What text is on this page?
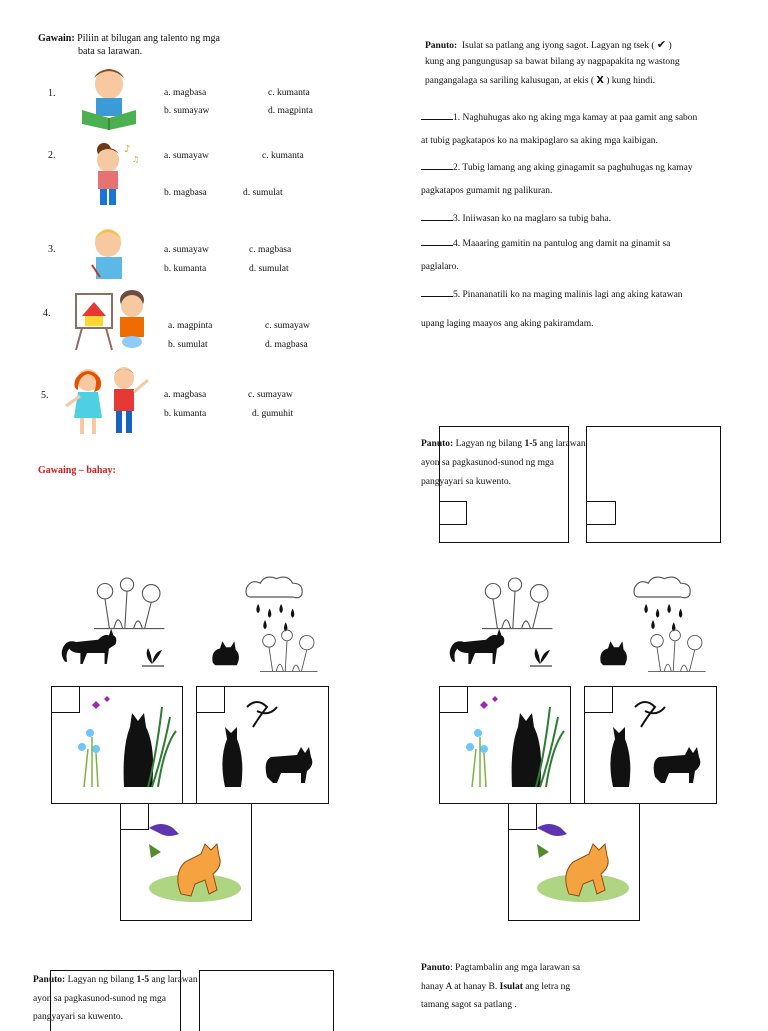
Gawain: Piliin at bilugan ang talento ng mga
bata sa larawan.
1.	a. magbasa	c. kumanta
b. sumayaw	d. magpinta
2.
♪
♫	a. sumayaw	c. kumanta
b. magbasa	d. sumulat
3.	a. sumayaw	c. magbasa
b. kumanta	d. sumulat
4.
a. magpinta	c. sumayaw
b. sumulat	d. magbasa
5.	a. magbasa	c. sumayaw
b. kumanta	d. gumuhit
Gawaing – bahay:
Panuto: Isulat sa patlang ang iyong sagot. Lagyan ng tsek ( ✔ )
kung ang pangungusap sa bawat bilang ay nagpapakita ng wastong
pangangalaga sa sariling kalusugan, at ekis ( X ) kung hindi.
1. Naghuhugas ako ng aking mga kamay at paa gamit ang sabon
at tubig pagkatapos ko na makipaglaro sa aking mga kaibigan.
2. Tubig lamang ang aking ginagamit sa paghuhugas ng kamay
pagkatapos gumamit ng palikuran.
3. Iniiwasan ko na maglaro sa tubig baha.
4. Maaaring gamitin na pantulog ang damit na ginamit sa
paglalaro.
5. Pinananatili ko na maging malinis lagi ang aking katawan
upang laging maayos ang aking pakiramdam.
Panuto: Lagyan ng bilang 1-5 ang larawan
ayon sa pagkasunod-sunod ng mga
pangyayari sa kuwento.
Panuto: Lagyan ng bilang 1-5 ang larawan
ayon sa pagkasunod-sunod ng mga
pangyayari sa kuwento.
Panuto: Pagtambalin ang mga larawan sa
hanay A at hanay B. Isulat ang letra ng
tamang sagot sa patlang .
